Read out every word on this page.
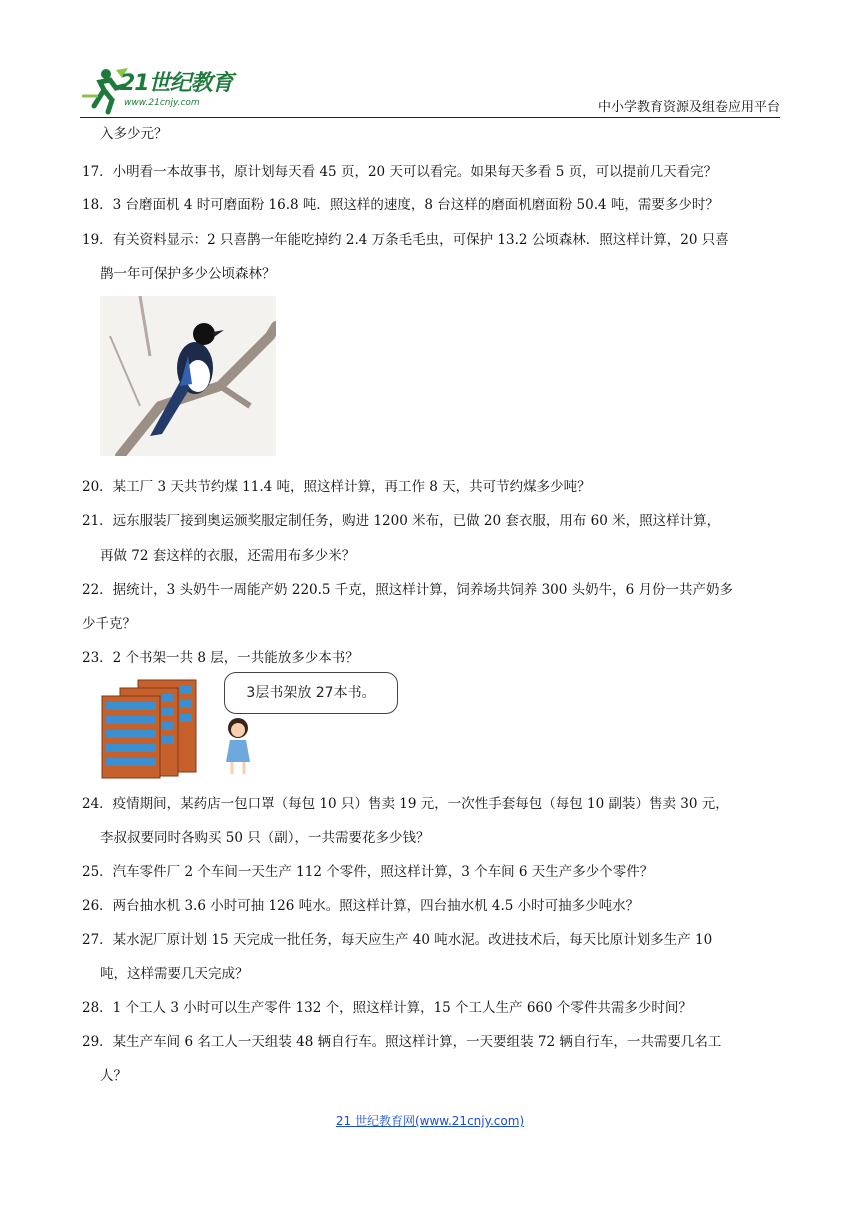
21世纪教育
www.21cnjy.com	中小学教育资源及组卷应用平台
入多少元？
17．小明看一本故事书，原计划每天看 45 页，20 天可以看完。如果每天多看 5 页，可以提前几天看完？
18．3 台磨面机 4 时可磨面粉 16.8 吨．照这样的速度，8 台这样的磨面机磨面粉 50.4 吨，需要多少时？
19．有关资料显示：2 只喜鹊一年能吃掉约 2.4 万条毛毛虫，可保护 13.2 公顷森林．照这样计算，20 只喜
鹊一年可保护多少公顷森林？
20．某工厂 3 天共节约煤 11.4 吨，照这样计算，再工作 8 天，共可节约煤多少吨？
21．远东服装厂接到奥运颁奖服定制任务，购进 1200 米布，已做 20 套衣服，用布 60 米，照这样计算，
再做 72 套这样的衣服，还需用布多少米？
22．据统计，3 头奶牛一周能产奶 220.5 千克，照这样计算，饲养场共饲养 300 头奶牛，6 月份一共产奶多
少千克？
23．2 个书架一共 8 层，一共能放多少本书？
3层书架放 27本书。
24．疫情期间，某药店一包口罩（每包 10 只）售卖 19 元，一次性手套每包（每包 10 副装）售卖 30 元，
李叔叔要同时各购买 50 只（副），一共需要花多少钱？
25．汽车零件厂 2 个车间一天生产 112 个零件，照这样计算，3 个车间 6 天生产多少个零件？
26．两台抽水机 3.6 小时可抽 126 吨水。照这样计算，四台抽水机 4.5 小时可抽多少吨水？
27．某水泥厂原计划 15 天完成一批任务，每天应生产 40 吨水泥。改进技术后，每天比原计划多生产 10
吨，这样需要几天完成？
28．1 个工人 3 小时可以生产零件 132 个，照这样计算，15 个工人生产 660 个零件共需多少时间？
29．某生产车间 6 名工人一天组装 48 辆自行车。照这样计算，一天要组装 72 辆自行车，一共需要几名工
人？
21 世纪教育网(www.21cnjy.com)
